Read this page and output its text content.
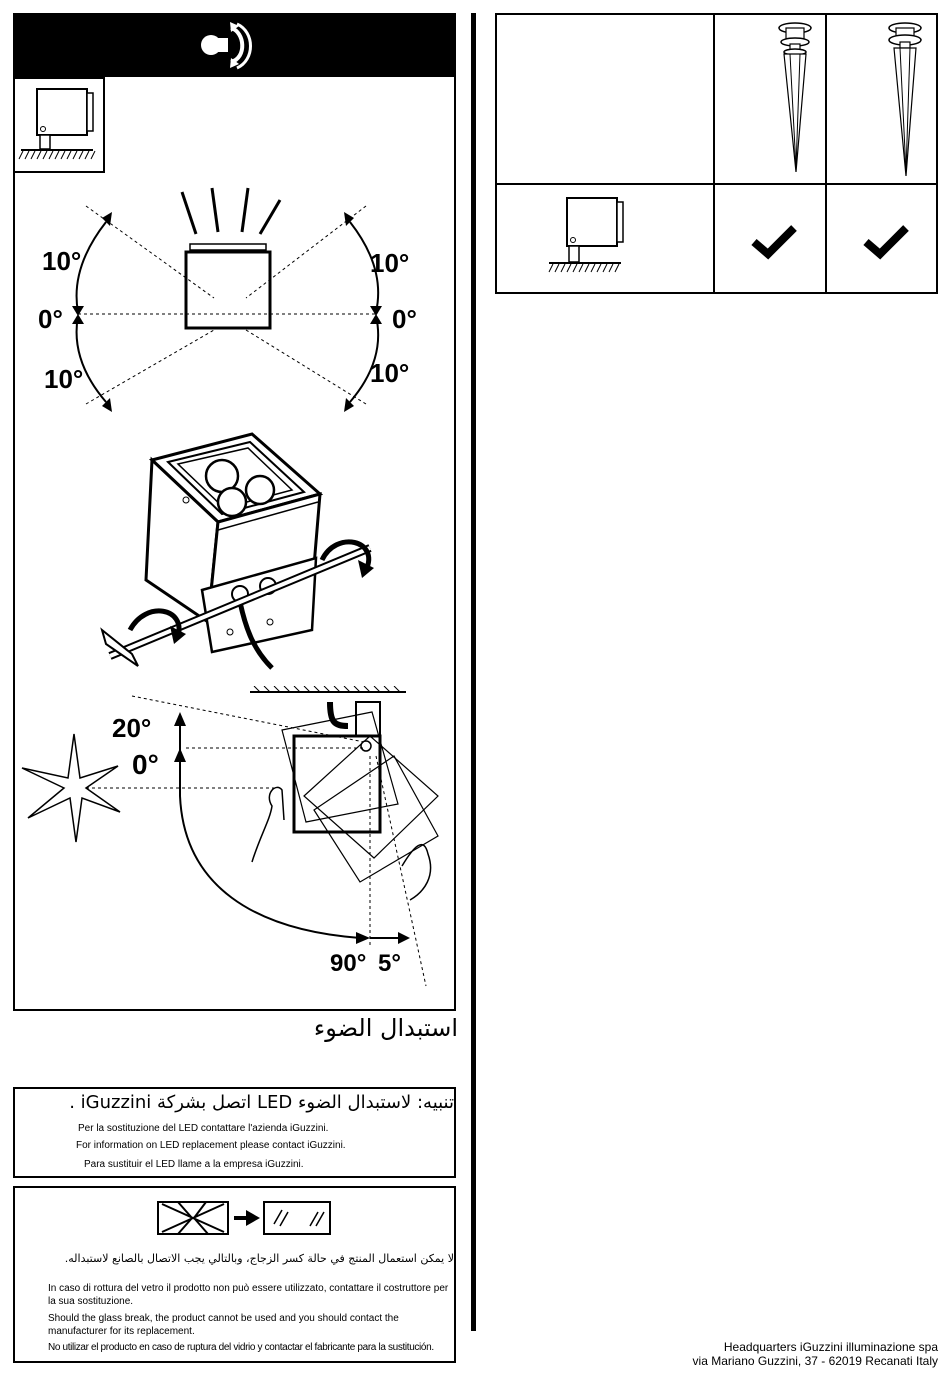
10°
0°
10°
10°
0°
10°
20°
0°
90° 5°
استبدال الضوء
تنبيه: لاستبدال الضوء LED اتصل بشركة iGuzzini .
Per la sostituzione del LED contattare l'azienda iGuzzini.
For information on LED replacement please contact iGuzzini.
Para sustituir el LED llame a la empresa iGuzzini.
لا يمكن استعمال المنتج في حالة كسر الزجاج، وبالتالي يجب الاتصال بالصانع لاستبداله.
In caso di rottura del vetro il prodotto non può essere utilizzato, contattare il costruttore per la sua sostituzione.
Should the glass break, the product cannot be used and you should contact the manufacturer for its replacement.
No utilizar el producto en caso de ruptura del vidrio y contactar el fabricante para la sustitución.	Headquarters iGuzzini illuminazione spa
via Mariano Guzzini, 37 - 62019 Recanati Italy
